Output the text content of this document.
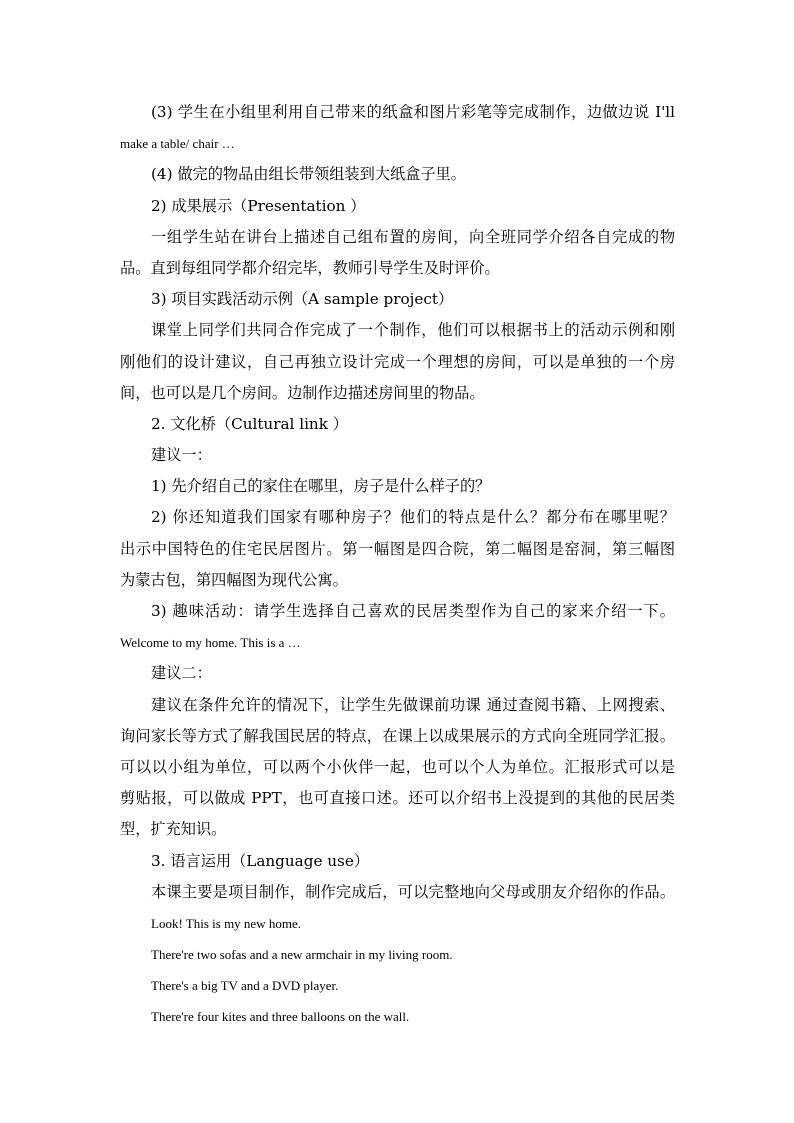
(3) 学生在小组里利用自己带来的纸盒和图片彩笔等完成制作，边做边说 I'll
make a table/ chair …
(4) 做完的物品由组长带领组装到大纸盒子里。
2) 成果展示（Presentation ）
一组学生站在讲台上描述自己组布置的房间，向全班同学介绍各自完成的物
品。直到每组同学都介绍完毕，教师引导学生及时评价。
3) 项目实践活动示例（A sample project）
课堂上同学们共同合作完成了一个制作，他们可以根据书上的活动示例和刚
刚他们的设计建议，自己再独立设计完成一个理想的房间，可以是单独的一个房
间，也可以是几个房间。边制作边描述房间里的物品。
2. 文化桥（Cultural link ）
建议一：
1) 先介绍自己的家住在哪里，房子是什么样子的？
2) 你还知道我们国家有哪种房子？他们的特点是什么？都分布在哪里呢？
出示中国特色的住宅民居图片。第一幅图是四合院，第二幅图是窑洞，第三幅图
为蒙古包，第四幅图为现代公寓。
3) 趣味活动：请学生选择自己喜欢的民居类型作为自己的家来介绍一下。
Welcome to my home. This is a …
建议二：
建议在条件允许的情况下，让学生先做课前功课 通过查阅书籍、上网搜索、
询问家长等方式了解我国民居的特点，在课上以成果展示的方式向全班同学汇报。
可以以小组为单位，可以两个小伙伴一起，也可以个人为单位。汇报形式可以是
剪贴报，可以做成 PPT，也可直接口述。还可以介绍书上没提到的其他的民居类
型，扩充知识。
3. 语言运用（Language use）
本课主要是项目制作，制作完成后，可以完整地向父母或朋友介绍你的作品。
Look! This is my new home.
There're two sofas and a new armchair in my living room.
There's a big TV and a DVD player.
There're four kites and three balloons on the wall.
